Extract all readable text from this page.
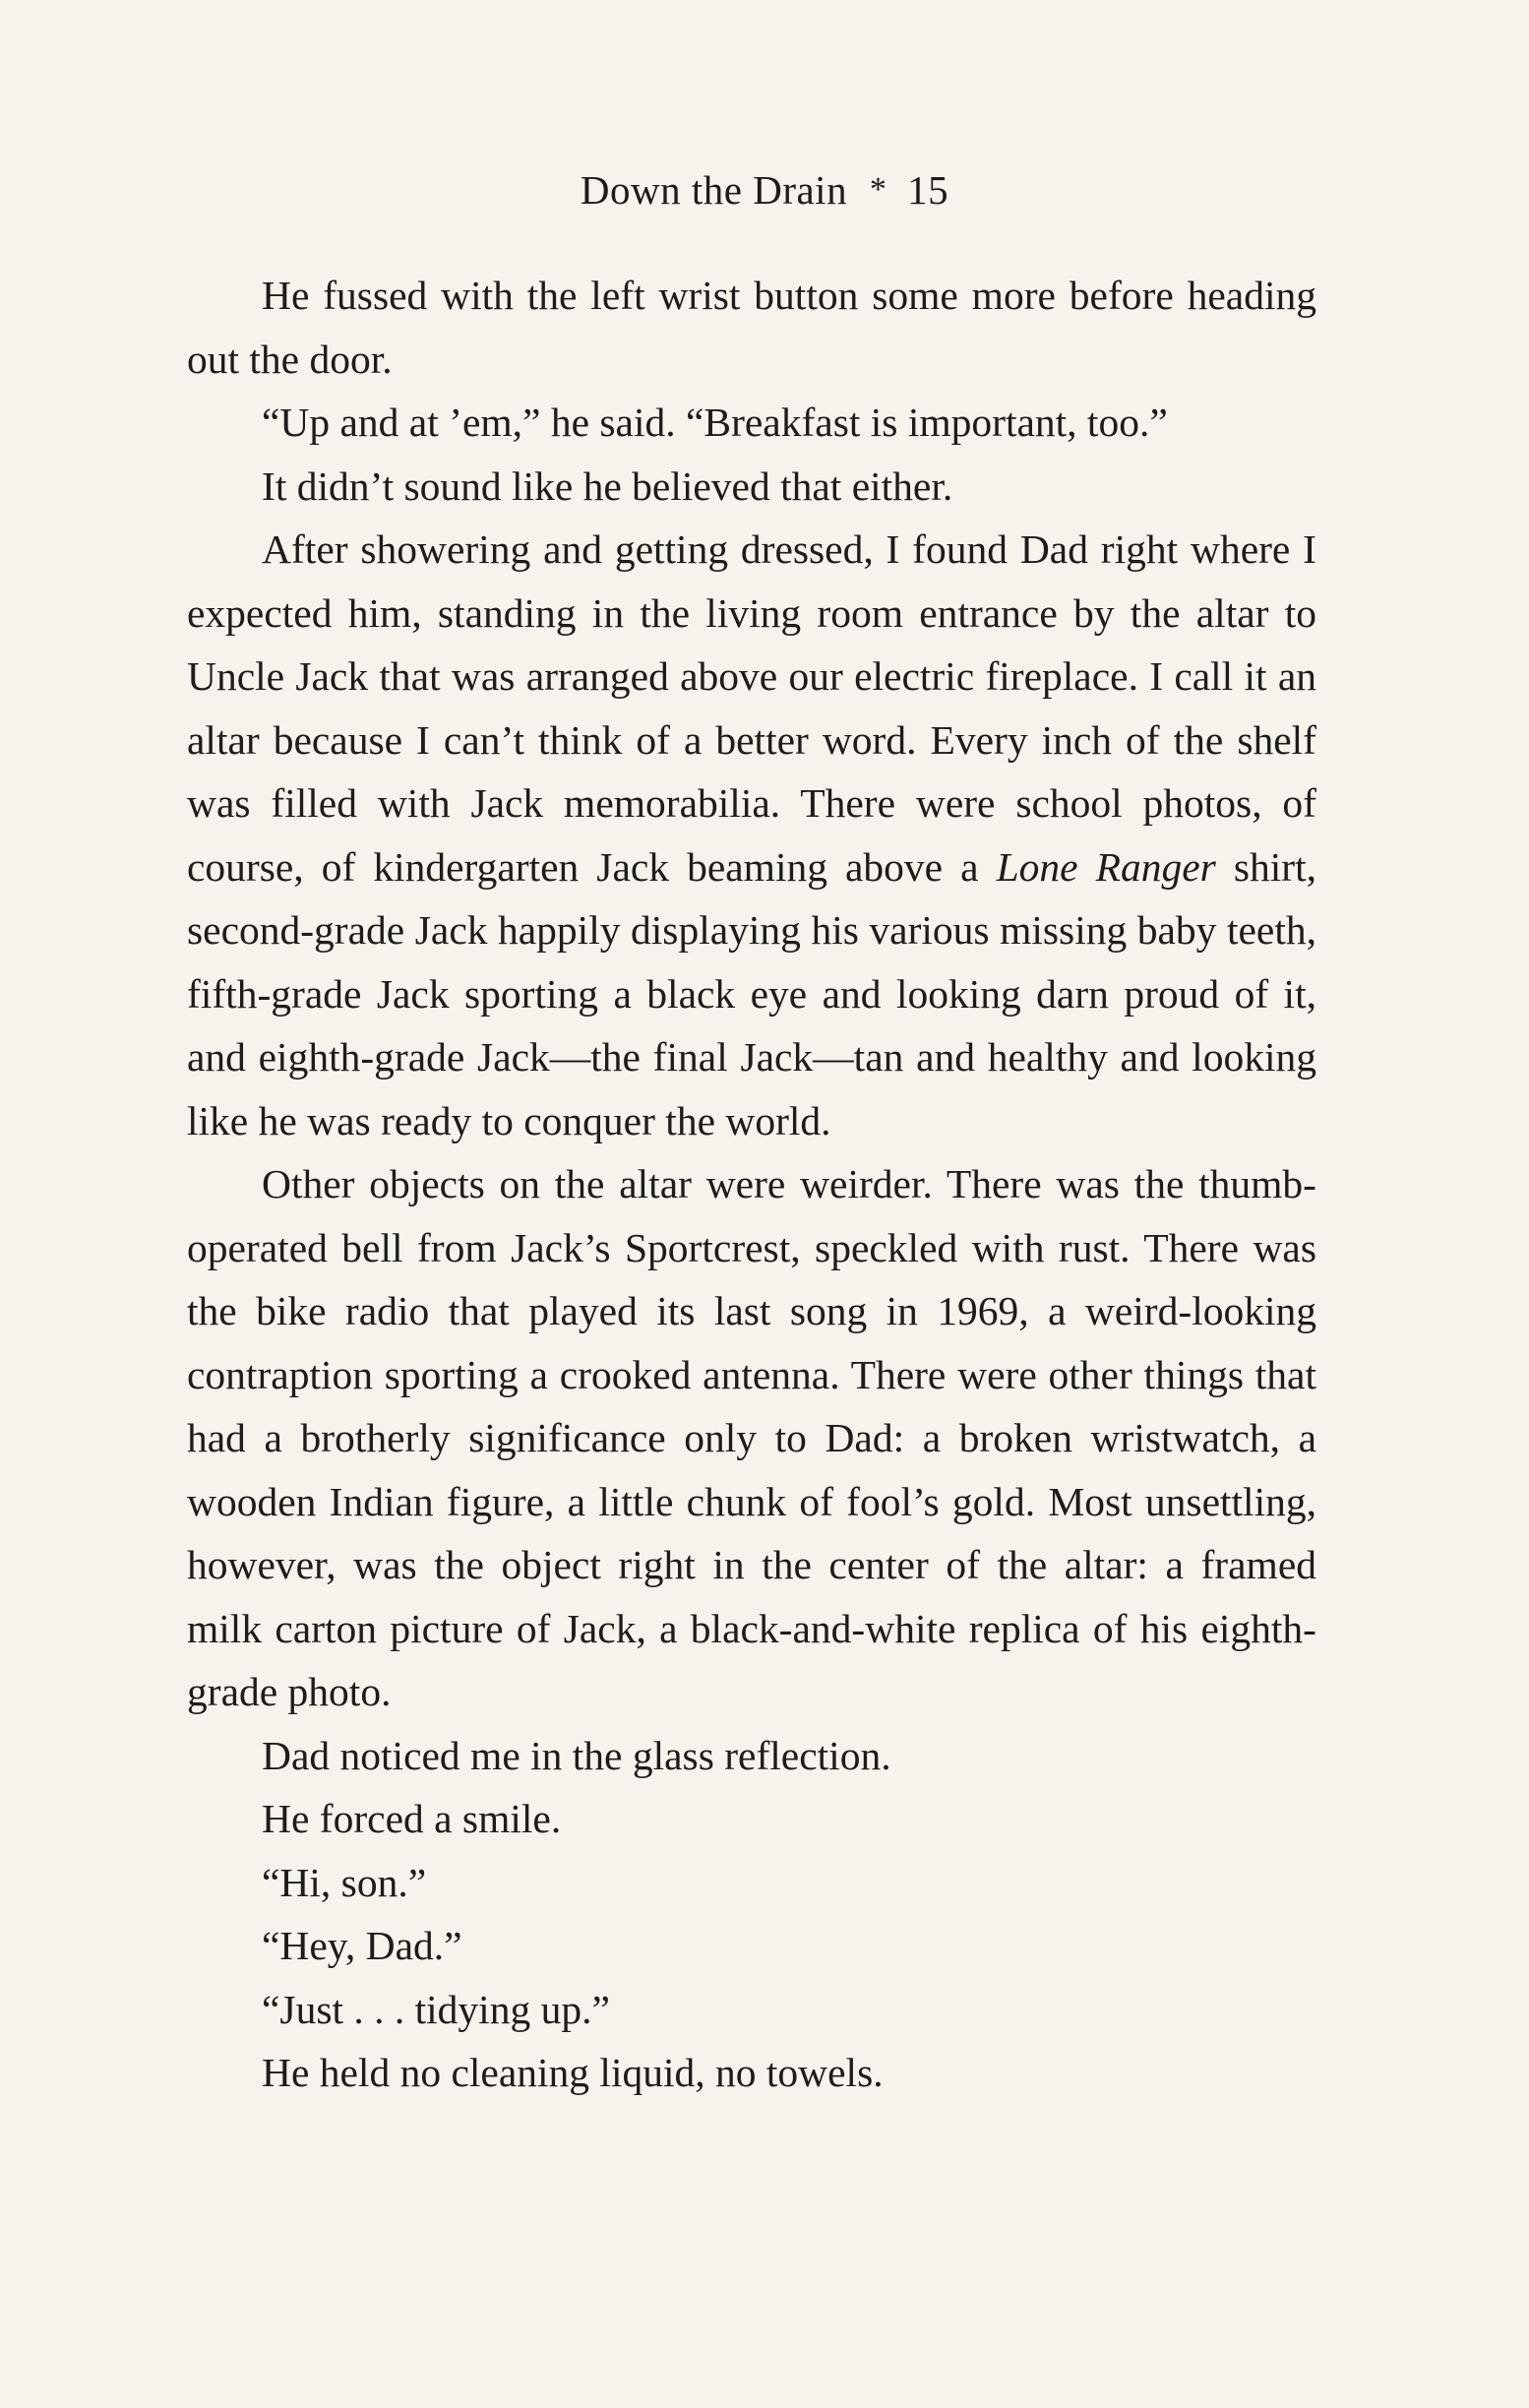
Down the Drain * 15

He fussed with the left wrist button some more before heading out the door.

“Up and at ’em,” he said. “Breakfast is important, too.”

It didn’t sound like he believed that either.

After showering and getting dressed, I found Dad right where I expected him, standing in the living room entrance by the altar to Uncle Jack that was arranged above our electric fireplace. I call it an altar because I can’t think of a better word. Every inch of the shelf was filled with Jack memorabilia. There were school photos, of course, of kindergarten Jack beaming above a Lone Ranger shirt, second-grade Jack happily displaying his various missing baby teeth, fifth-grade Jack sporting a black eye and looking darn proud of it, and eighth-grade Jack—the final Jack—tan and healthy and looking like he was ready to conquer the world.

Other objects on the altar were weirder. There was the thumb-operated bell from Jack’s Sportcrest, speckled with rust. There was the bike radio that played its last song in 1969, a weird-looking contraption sporting a crooked antenna. There were other things that had a brotherly significance only to Dad: a broken wristwatch, a wooden Indian figure, a little chunk of fool’s gold. Most unsettling, however, was the object right in the center of the altar: a framed milk carton picture of Jack, a black-and-white replica of his eighth-grade photo.

Dad noticed me in the glass reflection.

He forced a smile.

“Hi, son.”

“Hey, Dad.”

“Just . . . tidying up.”

He held no cleaning liquid, no towels.
